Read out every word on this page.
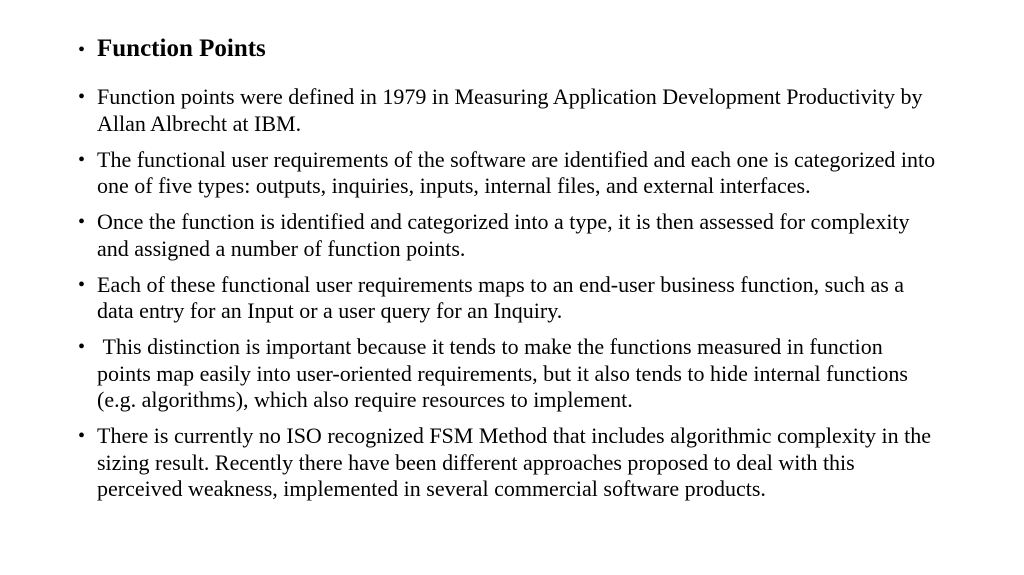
• Function Points
• Function points were defined in 1979 in Measuring Application Development Productivity by Allan Albrecht at IBM.
• The functional user requirements of the software are identified and each one is categorized into one of five types: outputs, inquiries, inputs, internal files, and external interfaces.
• Once the function is identified and categorized into a type, it is then assessed for complexity and assigned a number of function points.
• Each of these functional user requirements maps to an end-user business function, such as a data entry for an Input or a user query for an Inquiry.
• This distinction is important because it tends to make the functions measured in function points map easily into user-oriented requirements, but it also tends to hide internal functions (e.g. algorithms), which also require resources to implement.
• There is currently no ISO recognized FSM Method that includes algorithmic complexity in the sizing result. Recently there have been different approaches proposed to deal with this perceived weakness, implemented in several commercial software products.
